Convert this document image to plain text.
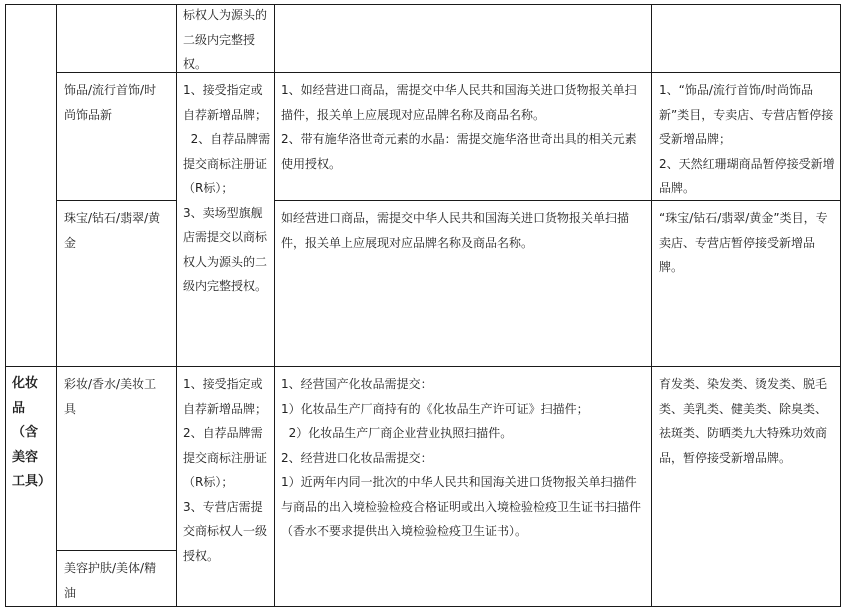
标权人为源头的二级内完整授权。
饰品/流行首饰/时尚饰品新
1、接受指定或自荐新增品牌；
2、自荐品牌需提交商标注册证（R标）；
3、卖场型旗舰店需提交以商标权人为源头的二级内完整授权。
1、如经营进口商品，需提交中华人民共和国海关进口货物报关单扫描件，报关单上应展现对应品牌名称及商品名称。
2、带有施华洛世奇元素的水晶：需提交施华洛世奇出具的相关元素使用授权。
1、“饰品/流行首饰/时尚饰品新”类目，专卖店、专营店暂停接受新增品牌；
2、天然红珊瑚商品暂停接受新增品牌。
珠宝/钻石/翡翠/黄金
如经营进口商品，需提交中华人民共和国海关进口货物报关单扫描件，报关单上应展现对应品牌名称及商品名称。
“珠宝/钻石/翡翠/黄金”类目，专卖店、专营店暂停接受新增品牌。
化妆品（含美容工具）
彩妆/香水/美妆工具
1、接受指定或自荐新增品牌；
2、自荐品牌需提交商标注册证（R标）；
3、专营店需提交商标权人一级授权。
1、经营国产化妆品需提交：
1）化妆品生产厂商持有的《化妆品生产许可证》扫描件；
2）化妆品生产厂商企业营业执照扫描件。
2、经营进口化妆品需提交：
1）近两年内同一批次的中华人民共和国海关进口货物报关单扫描件与商品的出入境检验检疫合格证明或出入境检验检疫卫生证书扫描件（香水不要求提供出入境检验检疫卫生证书）。
育发类、染发类、烫发类、脱毛类、美乳类、健美类、除臭类、祛斑类、防晒类九大特殊功效商品，暂停接受新增品牌。
美容护肤/美体/精油
